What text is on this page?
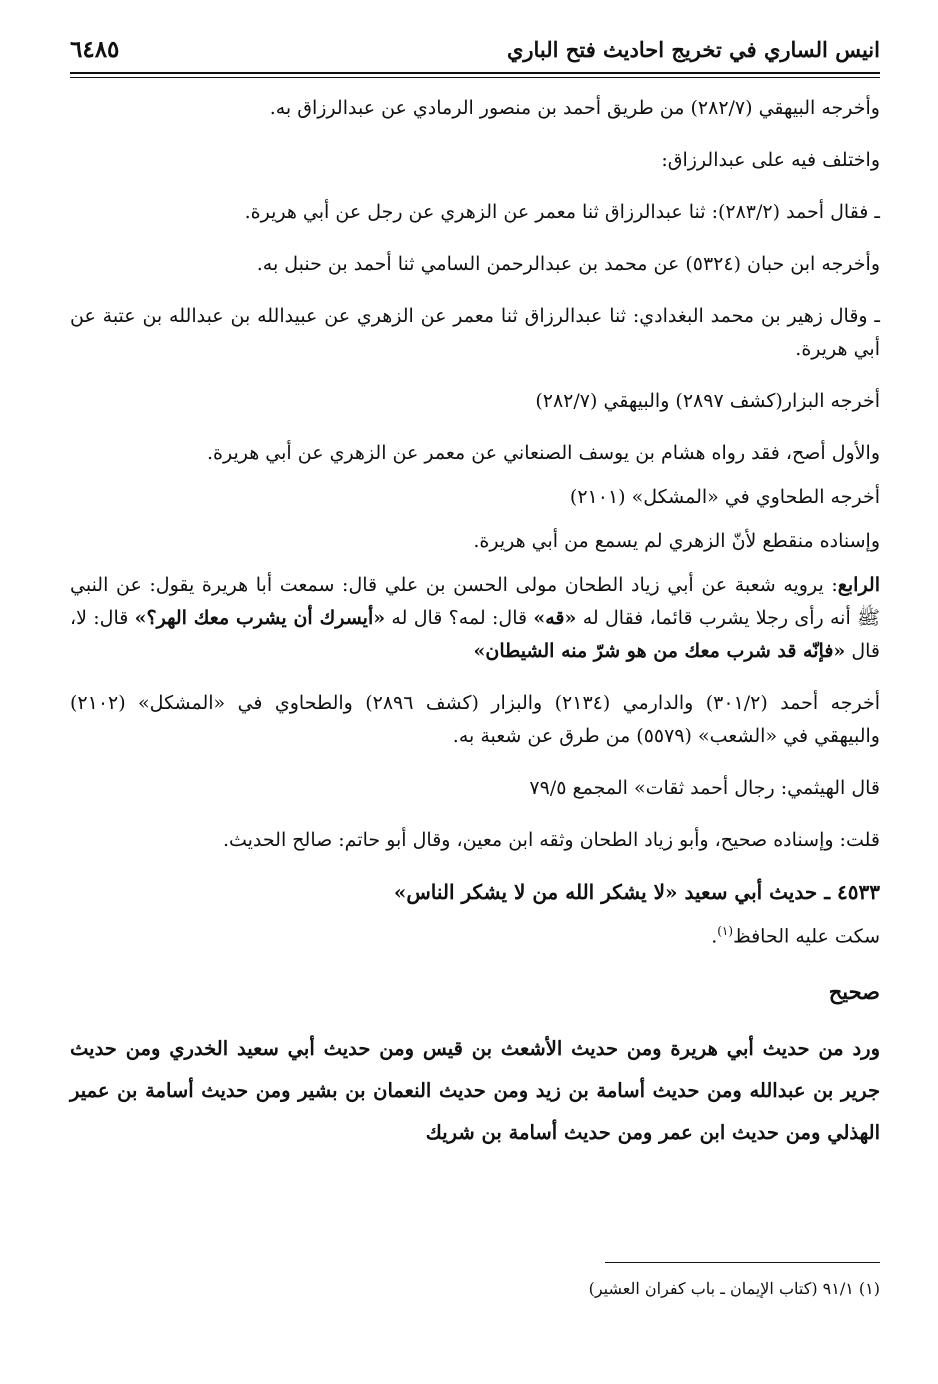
انيس الساري في تخريج احاديث فتح الباري
٦٤٨٥

وأخرجه البيهقي (٢٨٢/٧) من طريق أحمد بن منصور الرمادي عن عبدالرزاق به.

واختلف فيه على عبدالرزاق:

ـ فقال أحمد (٢٨٣/٢): ثنا عبدالرزاق ثنا معمر عن الزهري عن رجل عن أبي هريرة.

وأخرجه ابن حبان (٥٣٢٤) عن محمد بن عبدالرحمن السامي ثنا أحمد بن حنبل به.

ـ وقال زهير بن محمد البغدادي: ثنا عبدالرزاق ثنا معمر عن الزهري عن عبيدالله بن عبدالله بن عتبة عن أبي هريرة.

أخرجه البزار(كشف ٢٨٩٧) والبيهقي (٢٨٢/٧)

والأول أصح، فقد رواه هشام بن يوسف الصنعاني عن معمر عن الزهري عن أبي هريرة.

أخرجه الطحاوي في «المشكل» (٢١٠١)

وإسناده منقطع لأنّ الزهري لم يسمع من أبي هريرة.

الرابع: يرويه شعبة عن أبي زياد الطحان مولى الحسن بن علي قال: سمعت أبا هريرة يقول: عن النبي ﷺ أنه رأى رجلا يشرب قائما، فقال له «قه» قال: لمه؟ قال له «أيسرك أن يشرب معك الهر؟» قال: لا، قال «فإنّه قد شرب معك من هو شرّ منه الشيطان»

أخرجه أحمد (٣٠١/٢) والدارمي (٢١٣٤) والبزار (كشف ٢٨٩٦) والطحاوي في «المشكل» (٢١٠٢) والبيهقي في «الشعب» (٥٥٧٩) من طرق عن شعبة به.

قال الهيثمي: رجال أحمد ثقات» المجمع ٧٩/٥

قلت: وإسناده صحيح، وأبو زياد الطحان وثقه ابن معين، وقال أبو حاتم: صالح الحديث.

٤٥٣٣ ـ حديث أبي سعيد «لا يشكر الله من لا يشكر الناس»

سكت عليه الحافظ$^{(١)}$.

صحيح

ورد من حديث أبي هريرة ومن حديث الأشعث بن قيس ومن حديث أبي سعيد الخدري ومن حديث جرير بن عبدالله ومن حديث أسامة بن زيد ومن حديث النعمان بن بشير ومن حديث أسامة بن عمير الهذلي ومن حديث ابن عمر ومن حديث أسامة بن شريك

(١) ٩١/١ (كتاب الإيمان ـ باب كفران العشير)
